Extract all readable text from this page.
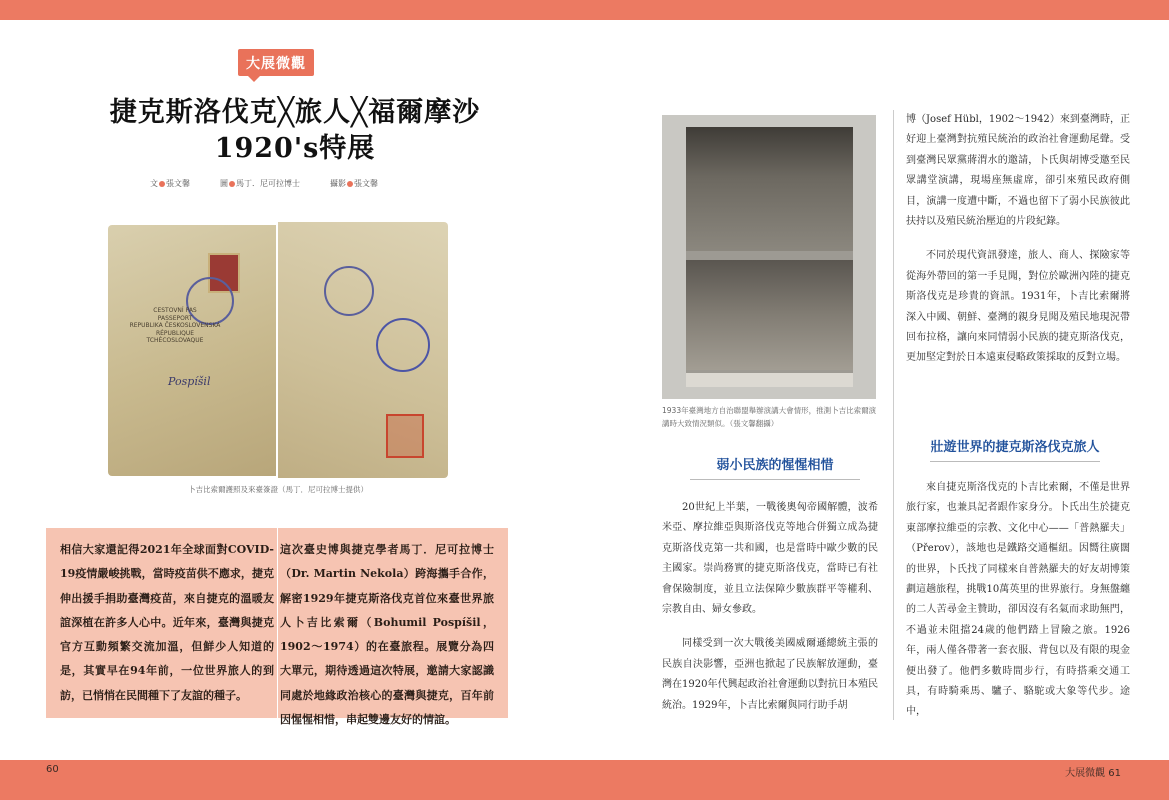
大展微觀
捷克斯洛伐克╳旅人╳福爾摩沙
1920's特展
文 張文馨	圖 馬丁．尼可拉博士	攝影 張文馨
CESTOVNÍ PAS
PASSEPORT
REPUBLIKA ČESKOSLOVENSKÁ
RÉPUBLIQUE
TCHÉCOSLOVAQUE
Pospíšil
卜吉比索爾護照及來臺簽證（馬丁．尼可拉博士提供）
相信大家還記得2021年全球面對COVID-19疫情嚴峻挑戰，當時疫苗供不應求，捷克伸出援手捐助臺灣疫苗，來自捷克的溫暖友誼深植在許多人心中。近年來，臺灣與捷克官方互動頻繁交流加溫，但鮮少人知道的是，其實早在94年前，一位世界旅人的到訪，已悄悄在民間種下了友誼的種子。
這次臺史博與捷克學者馬丁．尼可拉博士（Dr. Martin Nekola）跨海攜手合作，解密1929年捷克斯洛伐克首位來臺世界旅人卜吉比索爾（Bohumil Pospíšil，1902～1974）的在臺旅程。展覽分為四大單元，期待透過這次特展，邀請大家認識同處於地緣政治核心的臺灣與捷克，百年前因惺惺相惜，串起雙邊友好的情誼。
1933年臺灣地方自治聯盟舉辦演講大會情形，推測卜吉比索爾演講時大致情況類似。（張文馨翻攝）
弱小民族的惺惺相惜

20世紀上半葉，一戰後奧匈帝國解體，波希米亞、摩拉維亞與斯洛伐克等地合併獨立成為捷克斯洛伐克第一共和國，也是當時中歐少數的民主國家。崇尚務實的捷克斯洛伐克，當時已有社會保險制度，並且立法保障少數族群平等權利、宗教自由、婦女參政。

同樣受到一次大戰後美國威爾遜總統主張的民族自決影響，亞洲也掀起了民族解放運動，臺灣在1920年代興起政治社會運動以對抗日本殖民統治。1929年，卜吉比索爾與同行助手胡

博（Josef Hübl，1902～1942）來到臺灣時，正好迎上臺灣對抗殖民統治的政治社會運動尾聲。受到臺灣民眾黨蔣渭水的邀請，卜氏與胡博受邀至民眾講堂演講，現場座無虛席，卻引來殖民政府側目，演講一度遭中斷，不過也留下了弱小民族彼此扶持以及殖民統治壓迫的片段紀錄。

不同於現代資訊發達，旅人、商人、探險家等從海外帶回的第一手見聞，對位於歐洲內陸的捷克斯洛伐克是珍貴的資訊。1931年，卜吉比索爾將深入中國、朝鮮、臺灣的親身見聞及殖民地現況帶回布拉格，讓向來同情弱小民族的捷克斯洛伐克，更加堅定對於日本遠東侵略政策採取的反對立場。

壯遊世界的捷克斯洛伐克旅人

來自捷克斯洛伐克的卜吉比索爾，不僅是世界旅行家，也兼具記者跟作家身分。卜氏出生於捷克東部摩拉維亞的宗教、文化中心——「普熱羅夫」（Přerov），該地也是鐵路交通樞紐。因嚮往廣闊的世界，卜氏找了同樣來自普熱羅夫的好友胡博策劃這趟旅程，挑戰10萬英里的世界旅行。身無盤纏的二人苦尋金主贊助，卻因沒有名氣而求助無門，不過並未阻擋24歲的他們踏上冒險之旅。1926年，兩人僅各帶著一套衣服、背包以及有限的現金便出發了。他們多數時間步行，有時搭乘交通工具，有時騎乘馬、驢子、駱駝或大象等代步。途中，

60	大展微觀 61
